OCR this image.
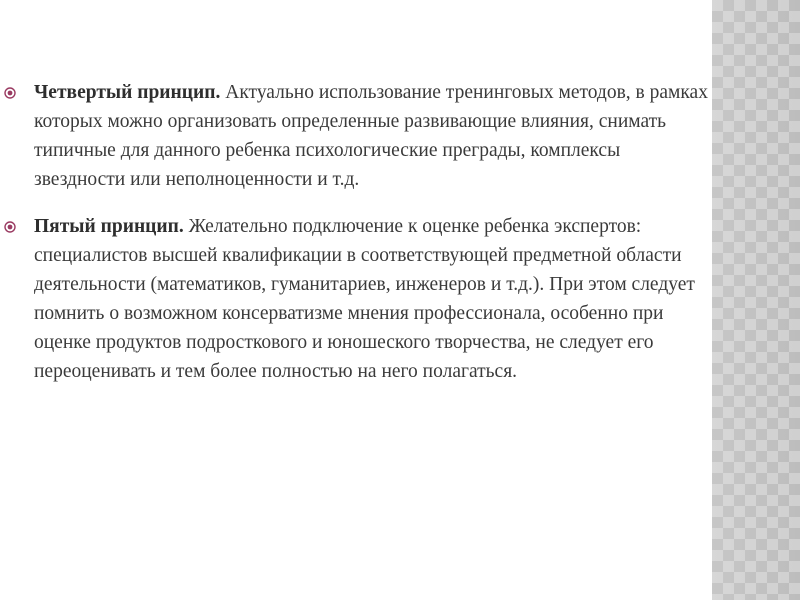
Четвертый принцип. Актуально использование тренинговых методов, в рамках которых можно организовать определенные развивающие влияния, снимать типичные для данного ребенка психологические преграды, комплексы звездности или неполноценности и т.д.
Пятый принцип. Желательно подключение к оценке ребенка экспертов: специалистов высшей квалификации в соответствующей предметной области деятельности (математиков, гуманитариев, инженеров и т.д.). При этом следует помнить о возможном консерватизме мнения профессионала, особенно при оценке продуктов подросткового и юношеского творчества, не следует его переоценивать и тем более полностью на него полагаться.
